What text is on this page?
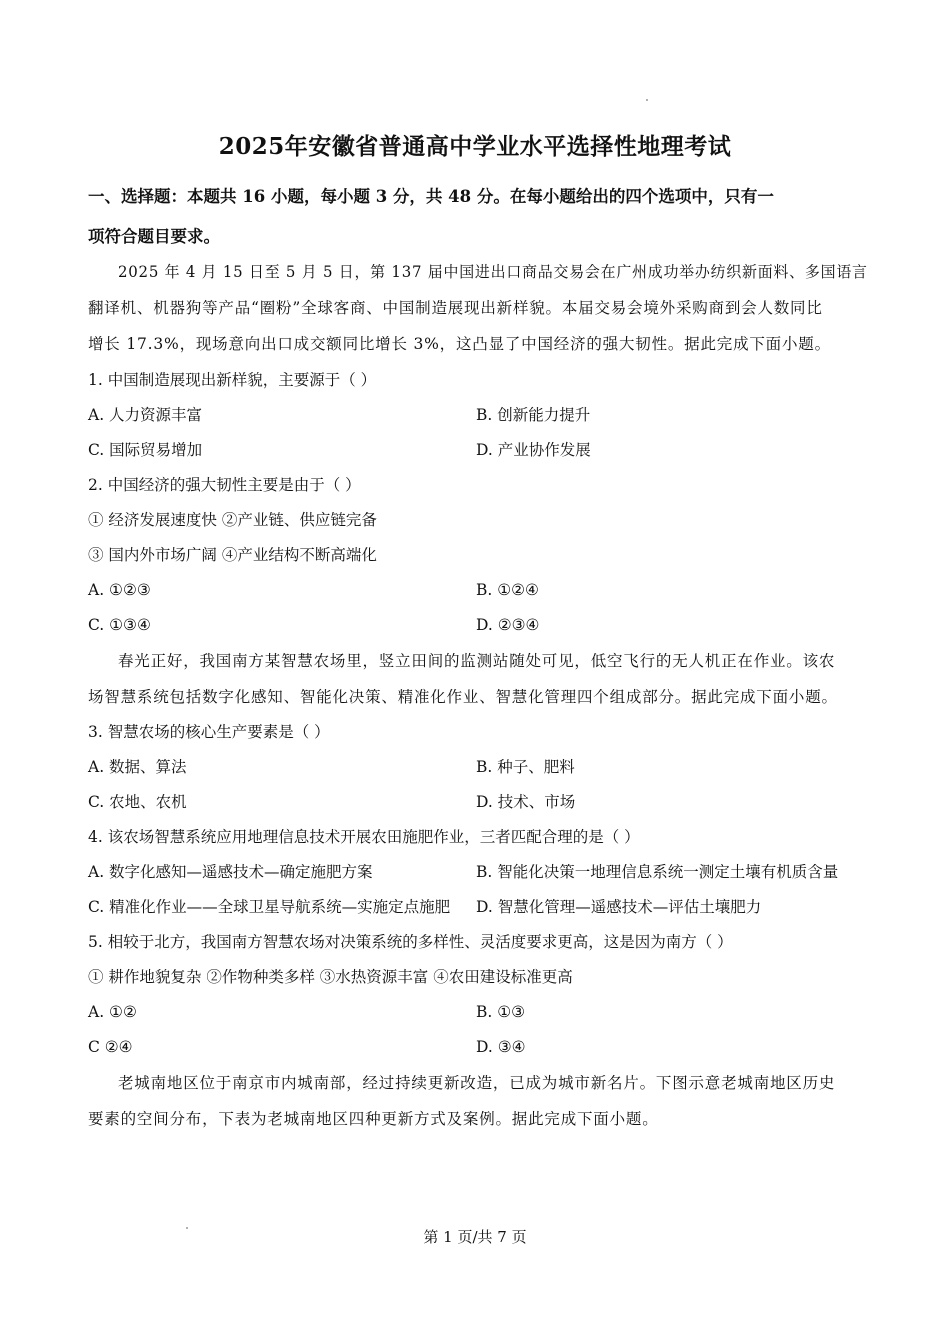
2025年安徽省普通高中学业水平选择性地理考试
一、选择题：本题共 16 小题，每小题 3 分，共 48 分。在每小题给出的四个选项中，只有一
项符合题目要求。
2025 年 4 月 15 日至 5 月 5 日，第 137 届中国进出口商品交易会在广州成功举办纺织新面料、多国语言
翻译机、机器狗等产品“圈粉”全球客商、中国制造展现出新样貌。本届交易会境外采购商到会人数同比
增长 17.3%，现场意向出口成交额同比增长 3%，这凸显了中国经济的强大韧性。据此完成下面小题。
1. 中国制造展现出新样貌，主要源于（ ）
A. 人力资源丰富	B. 创新能力提升
C. 国际贸易增加	D. 产业协作发展
2. 中国经济的强大韧性主要是由于（ ）
① 经济发展速度快 ②产业链、供应链完备
③ 国内外市场广阔 ④产业结构不断高端化
A. ①②③	B. ①②④
C. ①③④	D. ②③④
春光正好，我国南方某智慧农场里，竖立田间的监测站随处可见，低空飞行的无人机正在作业。该农
场智慧系统包括数字化感知、智能化决策、精准化作业、智慧化管理四个组成部分。据此完成下面小题。
3. 智慧农场的核心生产要素是（ ）
A. 数据、算法	B. 种子、肥料
C. 农地、农机	D. 技术、市场
4. 该农场智慧系统应用地理信息技术开展农田施肥作业，三者匹配合理的是（ ）
A. 数字化感知—遥感技术—确定施肥方案	B. 智能化决策一地理信息系统一测定土壤有机质含量
C. 精准化作业——全球卫星导航系统—实施定点施肥 D. 智慧化管理—遥感技术—评估土壤肥力
5. 相较于北方，我国南方智慧农场对决策系统的多样性、灵活度要求更高，这是因为南方（ ）
① 耕作地貌复杂 ②作物种类多样 ③水热资源丰富 ④农田建设标准更高
A. ①②	B. ①③
C ②④	D. ③④
老城南地区位于南京市内城南部，经过持续更新改造，已成为城市新名片。下图示意老城南地区历史
要素的空间分布，下表为老城南地区四种更新方式及案例。据此完成下面小题。
第 1 页/共 7 页
